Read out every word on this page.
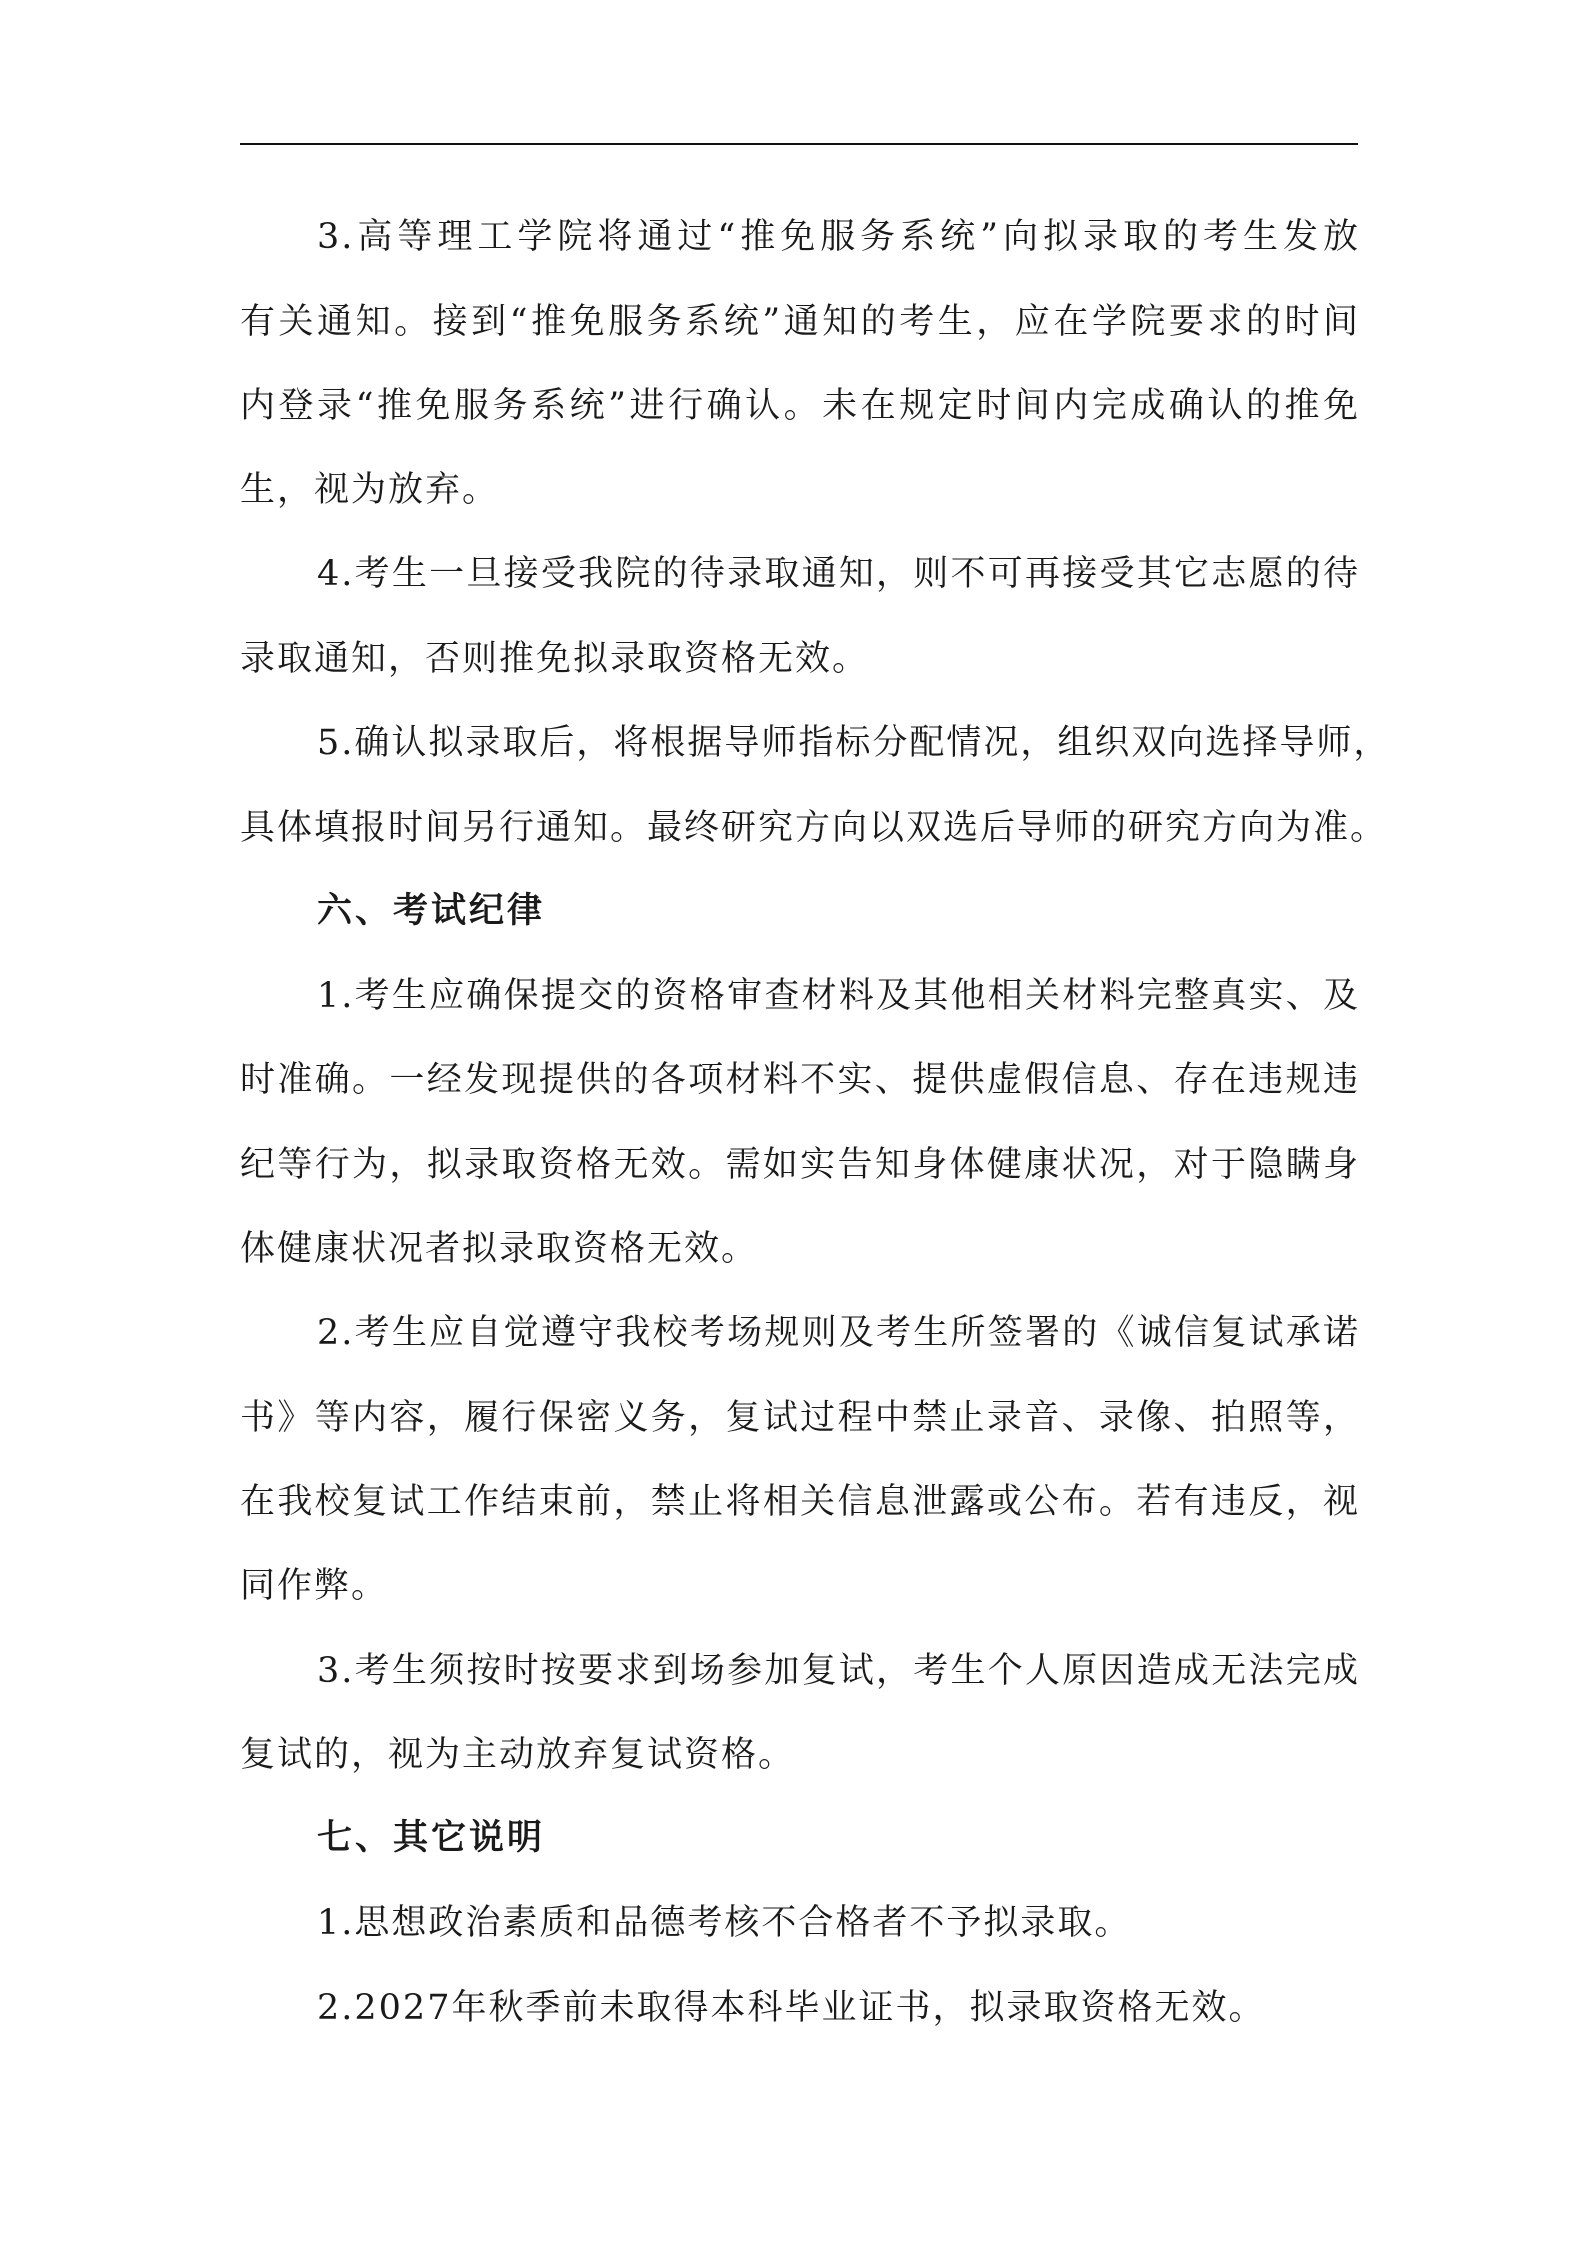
3.高等理工学院将通过“推免服务系统”向拟录取的考生发放
有关通知。接到“推免服务系统”通知的考生，应在学院要求的时间
内登录“推免服务系统”进行确认。未在规定时间内完成确认的推免
生，视为放弃。
4.考生一旦接受我院的待录取通知，则不可再接受其它志愿的待
录取通知，否则推免拟录取资格无效。
5.确认拟录取后，将根据导师指标分配情况，组织双向选择导师，
具体填报时间另行通知。最终研究方向以双选后导师的研究方向为准。
六、考试纪律
1.考生应确保提交的资格审查材料及其他相关材料完整真实、及
时准确。一经发现提供的各项材料不实、提供虚假信息、存在违规违
纪等行为，拟录取资格无效。需如实告知身体健康状况，对于隐瞒身
体健康状况者拟录取资格无效。
2.考生应自觉遵守我校考场规则及考生所签署的《诚信复试承诺
书》等内容，履行保密义务，复试过程中禁止录音、录像、拍照等，
在我校复试工作结束前，禁止将相关信息泄露或公布。若有违反，视
同作弊。
3.考生须按时按要求到场参加复试，考生个人原因造成无法完成
复试的，视为主动放弃复试资格。
七、其它说明
1.思想政治素质和品德考核不合格者不予拟录取。
2.2027年秋季前未取得本科毕业证书，拟录取资格无效。
